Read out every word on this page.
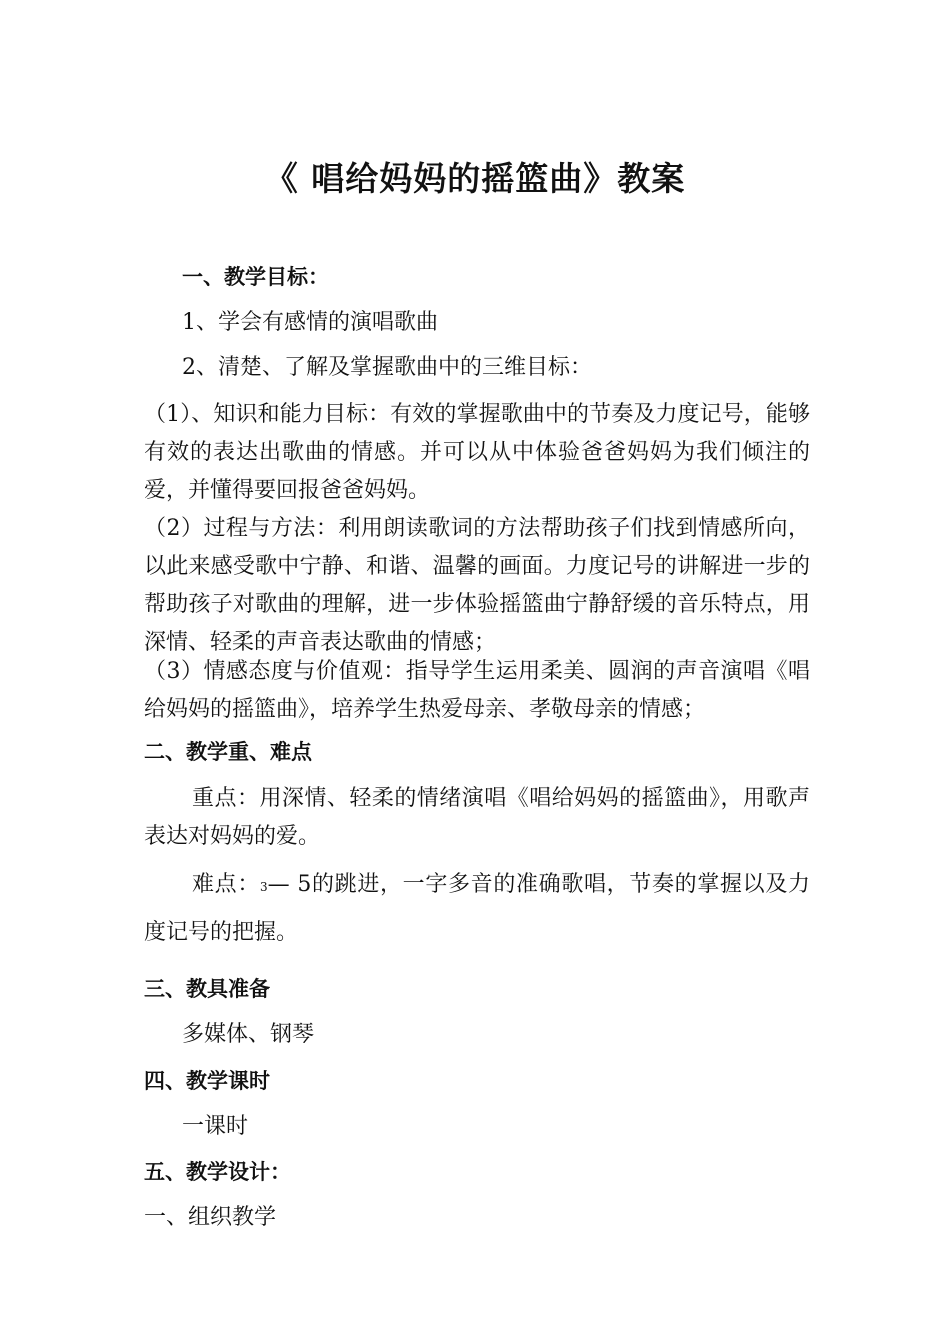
《 唱给妈妈的摇篮曲》教案

一、教学目标：

1、学会有感情的演唱歌曲

2、清楚、了解及掌握歌曲中的三维目标：

（1）、知识和能力目标：有效的掌握歌曲中的节奏及力度记号，能够有效的表达出歌曲的情感。并可以从中体验爸爸妈妈为我们倾注的爱，并懂得要回报爸爸妈妈。

（2）过程与方法：利用朗读歌词的方法帮助孩子们找到情感所向，以此来感受歌中宁静、和谐、温馨的画面。力度记号的讲解进一步的帮助孩子对歌曲的理解，进一步体验摇篮曲宁静舒缓的音乐特点，用深情、轻柔的声音表达歌曲的情感；

（3）情感态度与价值观：指导学生运用柔美、圆润的声音演唱《唱给妈妈的摇篮曲》，培养学生热爱母亲、孝敬母亲的情感；

二、教学重、难点

重点：用深情、轻柔的情绪演唱《唱给妈妈的摇篮曲》，用歌声表达对妈妈的爱。

难点：3— 5的跳进，一字多音的准确歌唱，节奏的掌握以及力度记号的把握。

三、教具准备

多媒体、钢琴

四、教学课时

一课时

五、教学设计：

一、组织教学
